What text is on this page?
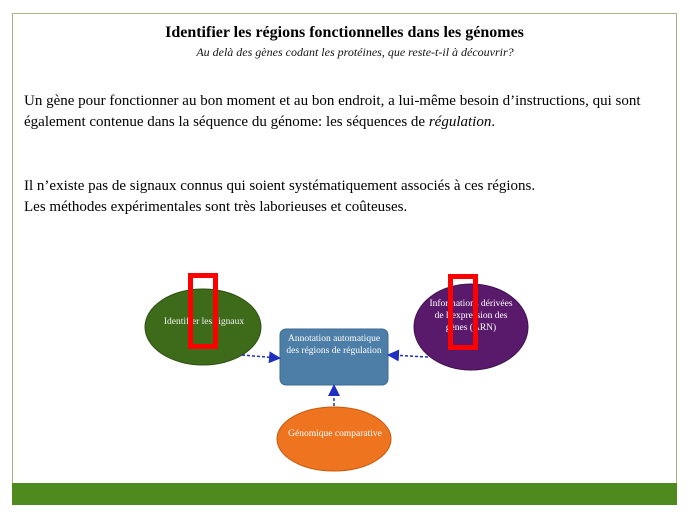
Identifier les régions fonctionnelles dans les génomes
Au delà des gènes codant les protéines, que reste-t-il à découvrir?
Un gène pour fonctionner au bon moment et au bon endroit, a lui-même besoin d’instructions, qui sont également contenue dans la séquence du génome: les séquences de régulation.
Il n’existe pas de signaux connus qui soient systématiquement associés à ces régions.
Les méthodes expérimentales sont très laborieuses et coûteuses.
Identifier les signaux
Annotation automatique des régions de régulation
Informations dérivées de l’expression des gènes (ARN)
Génomique comparative
